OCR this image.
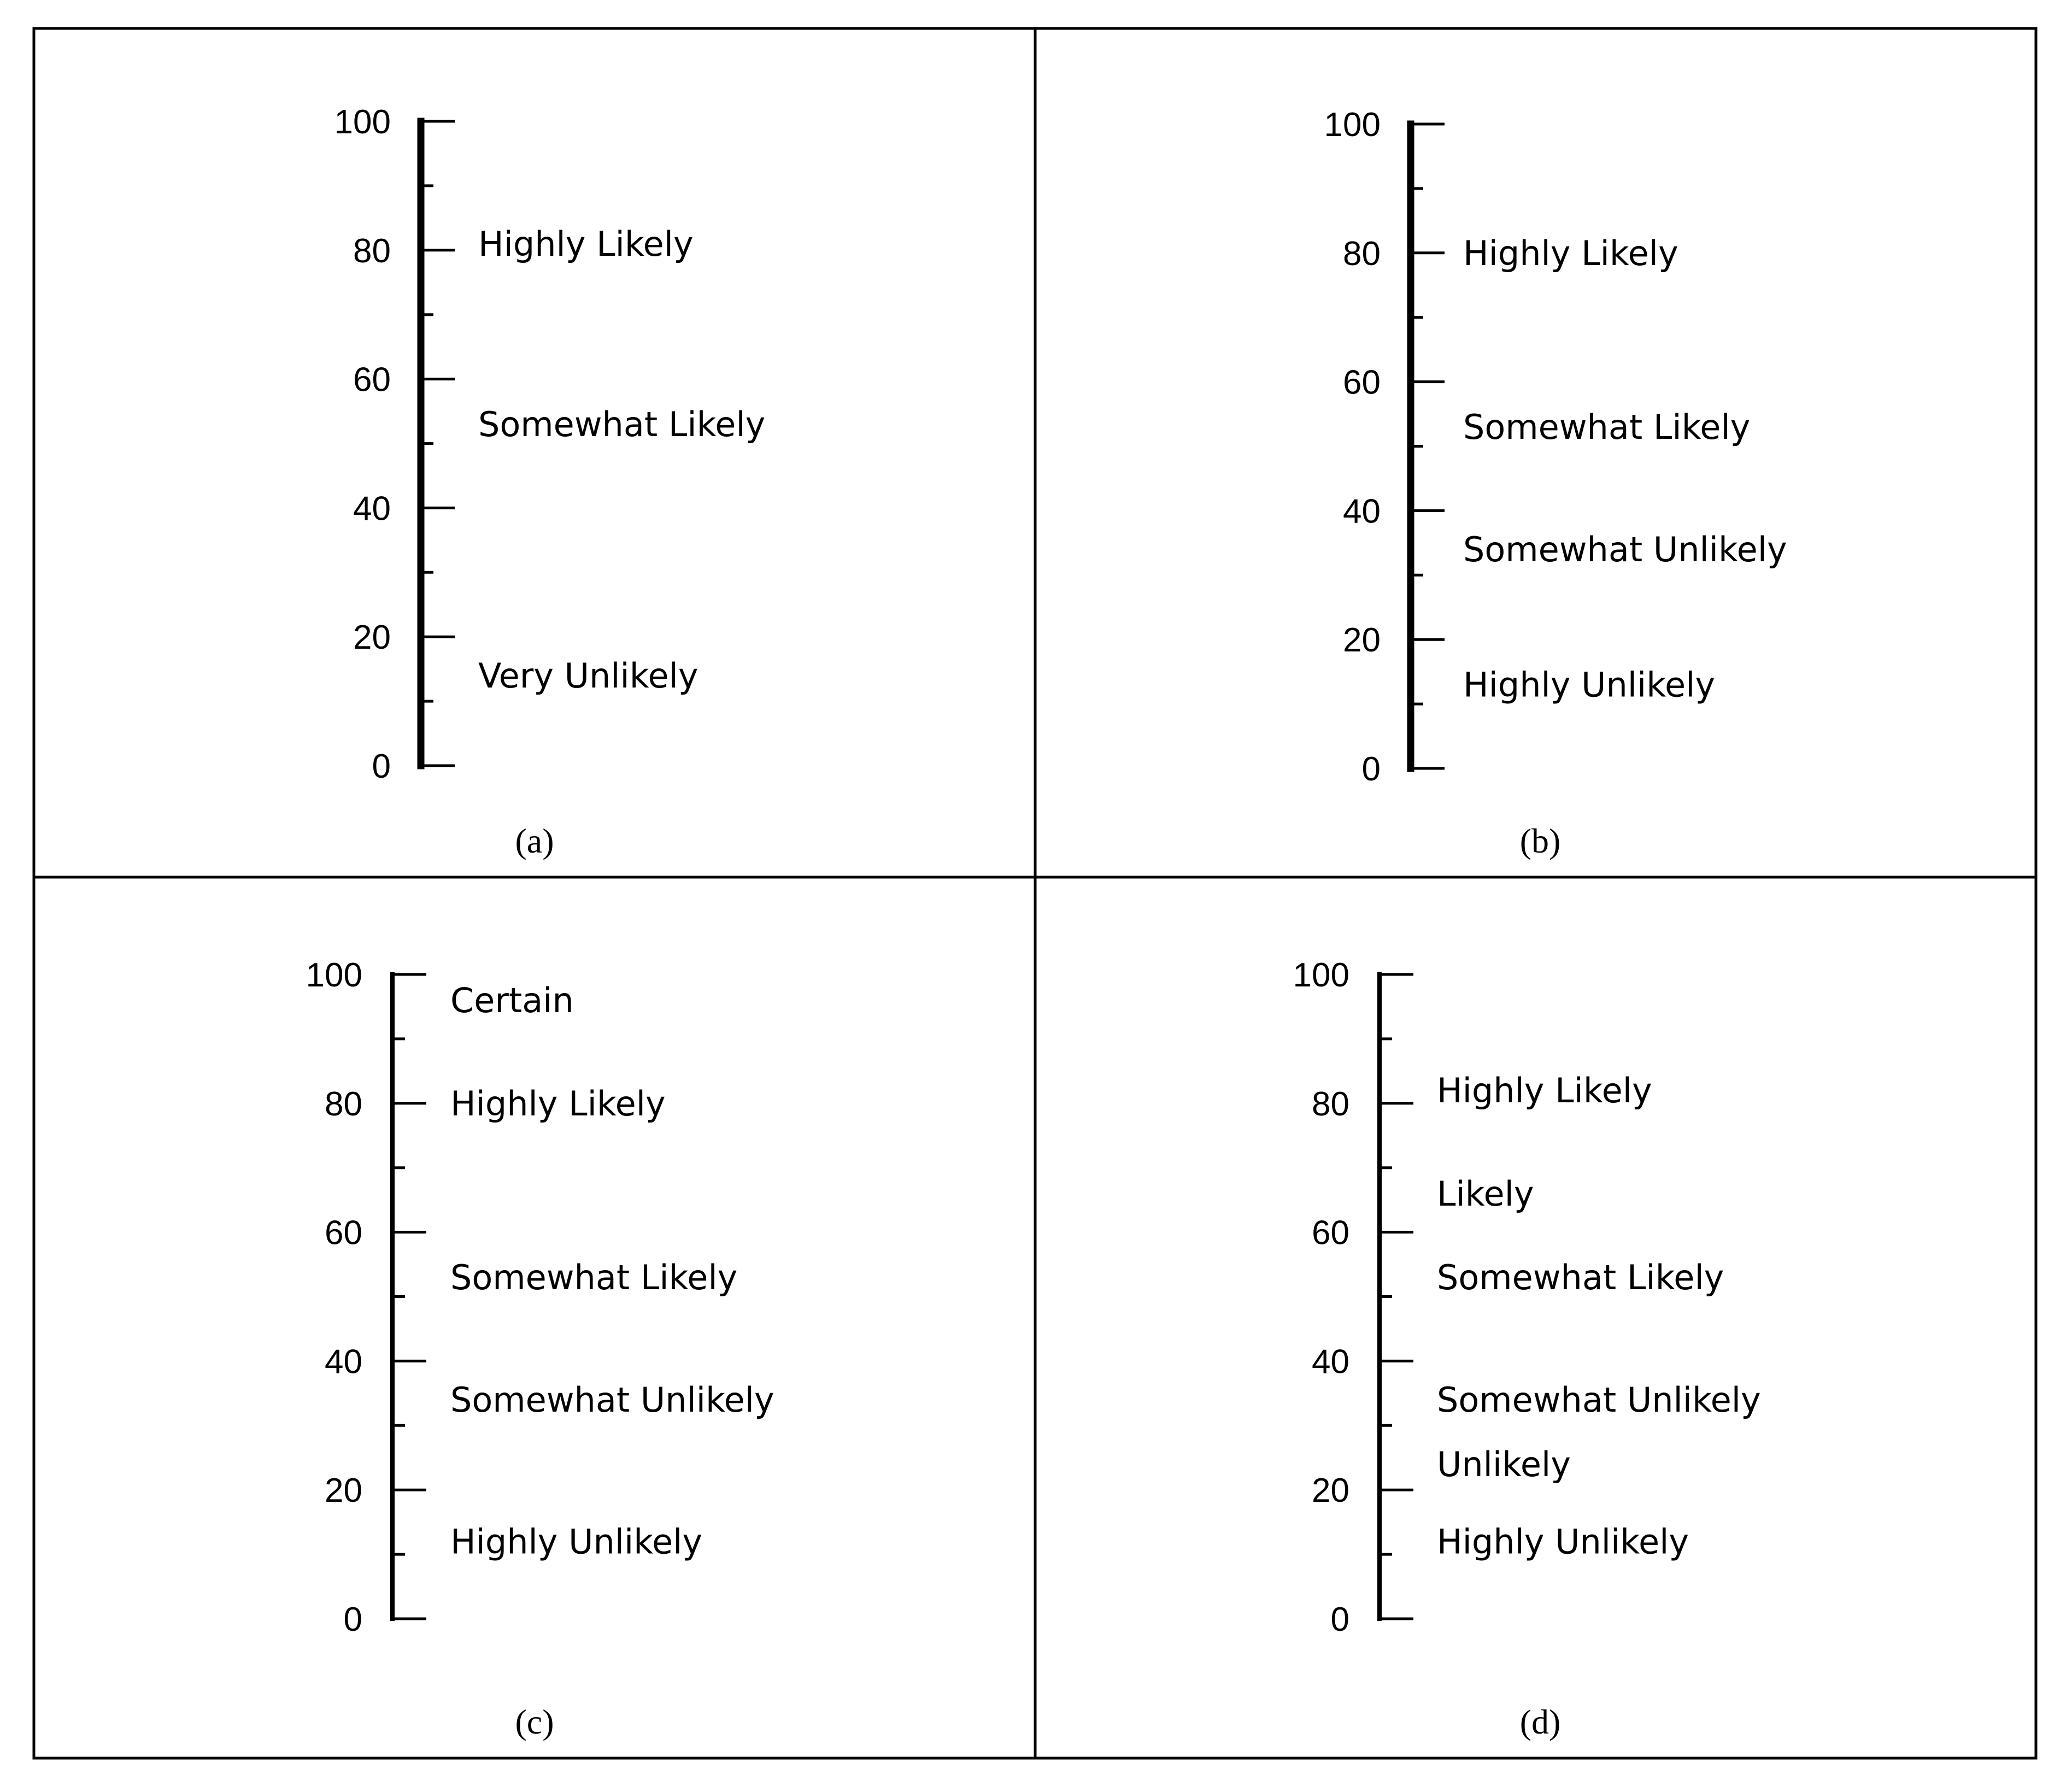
0
20
40
60
80
100
Highly Likely
Somewhat Likely
Very Unlikely
(a)
0
20
40
60
80
100
Highly Likely
Somewhat Likely
Somewhat Unlikely
Highly Unlikely
(b)
0
20
40
60
80
100
Certain
Highly Likely
Somewhat Likely
Somewhat Unlikely
Highly Unlikely
(c)
0
20
40
60
80
100
Highly Likely
Likely
Somewhat Likely
Somewhat Unlikely
Unlikely
Highly Unlikely
(d)
